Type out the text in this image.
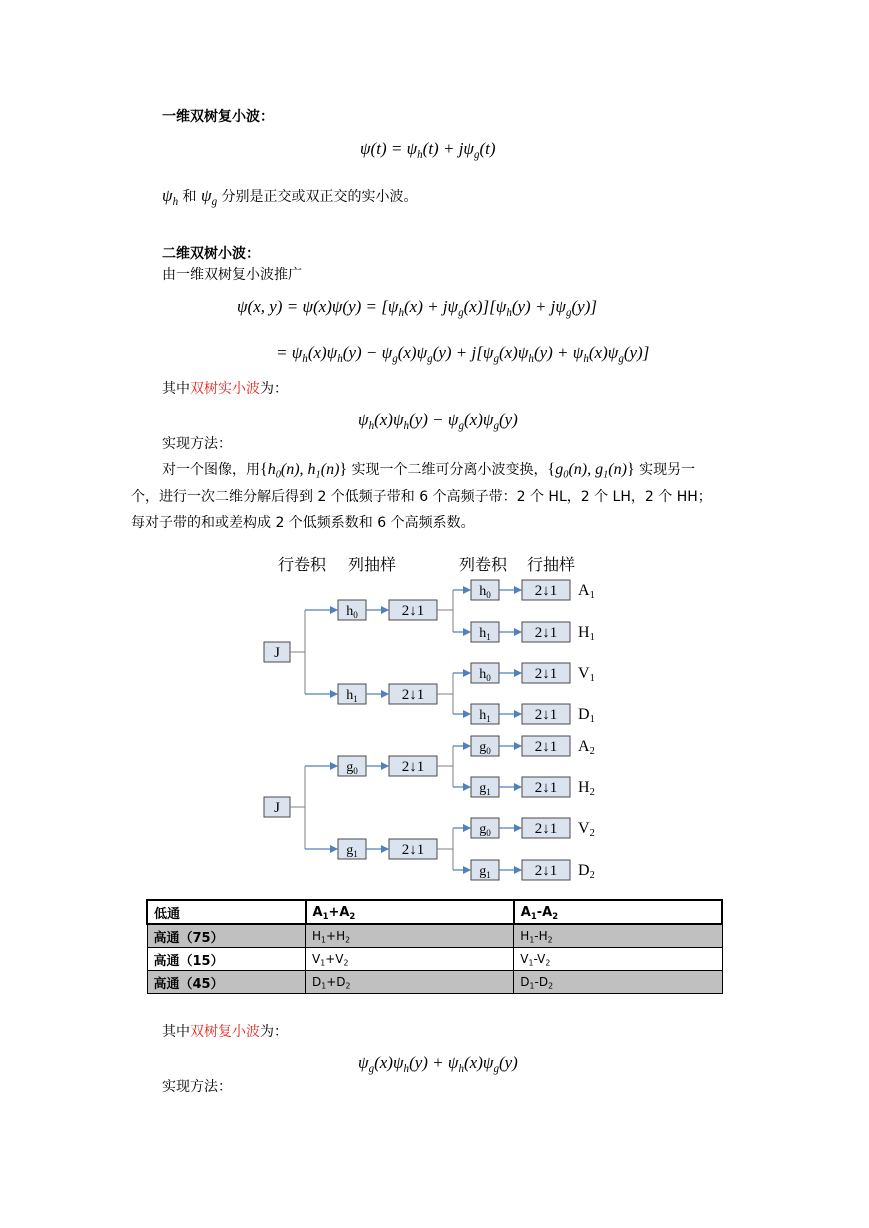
一维双树复小波：
$\psi(t) = \psi_h(t) + j\psi_g(t)$
$\psi_h$ 和 $\psi_g$ 分别是正交或双正交的实小波。
二维双树小波：
由一维双树复小波推广
ψ(x, $y) = \psi(x)\psi(y) = [\psi_h(x) + j\psi_g(x)][\psi_h(y) + j\psi_g(y)]$
= $\psi_h(x)\psi_h(y) - \psi_g(x)\psi_g(y) + j[\psi_g(x)\psi_h(y) + \psi_h(x)\psi_g(y)]$
其中双树实小波为：
$\psi_h(x)\psi_h(y) - \psi_g(x)\psi_g(y)$
实现方法：
对一个图像，用{$h_0(n)$, $h_1(n)$} 实现一个二维可分离小波变换，{$g_0(n)$, $g_1(n)$} 实现另一
个，进行一次二维分解后得到 2 个低频子带和 6 个高频子带：2 个 HL，2 个 LH，2 个 HH；
每对子带的和或差构成 2 个低频系数和 6 个高频系数。
行卷积 列抽样	列卷积 行抽样
J
$h_0$	2↓1
$h_1$	2↓1
$h_0$	2↓1 A1
$h_1$	2↓1 H1
$h_0$	2↓1 V1
$h_1$	2↓1 D1
J
$g_0$	2↓1
$g_1$	2↓1
$g_0$	2↓1 A2
$g_1$	2↓1 H2
$g_0$	2↓1 V2
$g_1$	2↓1 D2
低通	$A_1+A_2$	$A_1-A_2$
高通（75）	$H_1+H_2$	$H_1-H_2$
高通（15）	$V_1+V_2$	$V_1-V_2$
高通（45）	$D_1+D_2$	$D_1-D_2$
其中双树复小波为：
$\psi_g(x)\psi_h(y) + \psi_h(x)\psi_g(y)$
实现方法：
